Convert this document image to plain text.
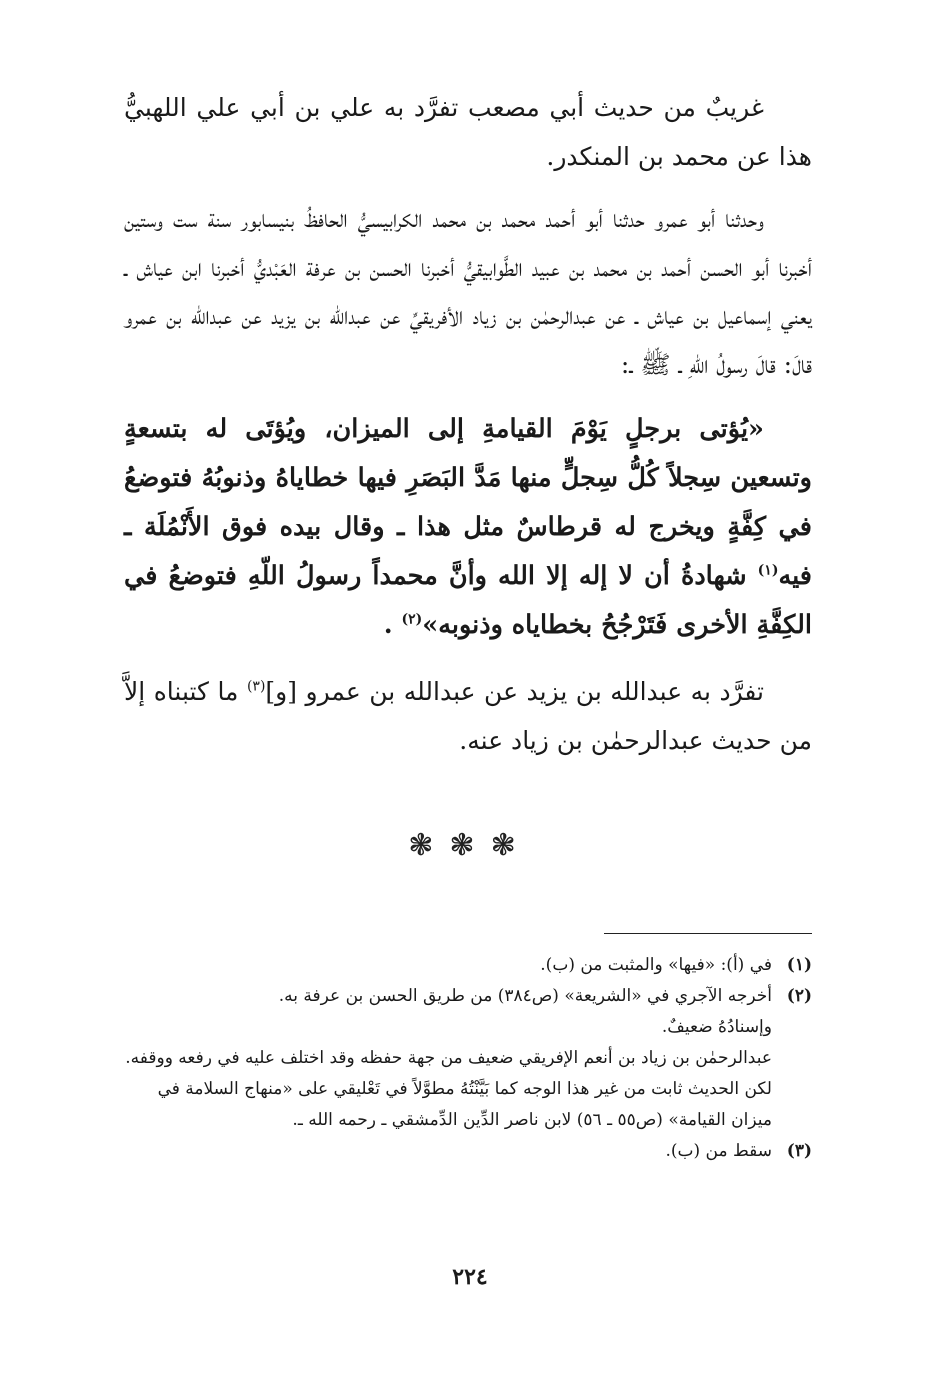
غريبٌ من حديث أبي مصعب تفرَّد به علي بن أبي علي اللهبيُّ هذا عن محمد بن المنكدر.

وحدثنا أبو عمرو حدثنا أبو أحمد محمد بن محمد الكرابيسيُّ الحافظُ بنيسابور سنة ست وستين أخبرنا أبو الحسن أحمد بن محمد بن عبيد الطَّوابيقيُّ أخبرنا الحسن بن عرفة العَبْديُّ أخبرنا ابن عياش ـ يعني إسماعيل بن عياش ـ عن عبدالرحمٰن بن زياد الأفريقيِّ عن عبدالله بن يزيد عن عبدالله بن عمرو قالَ: قالَ رسولُ اللّهِ ـ ﷺ ـ:

«يُؤتى برجلٍ يَوْمَ القيامةِ إلى الميزان، ويُؤتَى له بتسعةٍ وتسعين سِجلاً كُلُّ سِجلٍّ منها مَدَّ البَصَرِ فيها خطاياهُ وذنوبُهُ فتوضعُ في كِفَّةٍ ويخرج له قرطاسٌ مثل هذا ـ وقال بيده فوق الأَنْمُلَة ـ فيه$^{(١)}$ شهادةُ أن لا إله إلا الله وأنَّ محمداً رسولُ اللّهِ فتوضعُ في الكِفَّةِ الأخرى فَتَرْجُحُ بخطاياه وذنوبه»$^{(٢)}$ .

تفرَّد به عبدالله بن يزيد عن عبدالله بن عمرو [و]$^{(٣)}$ ما كتبناه إلاَّ من حديث عبدالرحمٰن بن زياد عنه.

❃❃❃
(١)

في (أ): «فيها» والمثبت من (ب).

(٢)

أخرجه الآجري في «الشريعة» (ص٣٨٤) من طريق الحسن بن عرفة به.

وإسنادُهُ ضعيفٌ.

عبدالرحمٰن بن زياد بن أنعم الإفريقي ضعيف من جهة حفظه وقد اختلف عليه في رفعه ووقفه.

لكن الحديث ثابت من غير هذا الوجه كما بَيَّنْتُهُ مطوَّلاً في تَعْليقي على «منهاج السلامة في ميزان القيامة» (ص٥٥ ـ ٥٦) لابن ناصر الدِّين الدِّمشقي ـ رحمه الله ـ.

(٣)

سقط من (ب).

٢٢٤
